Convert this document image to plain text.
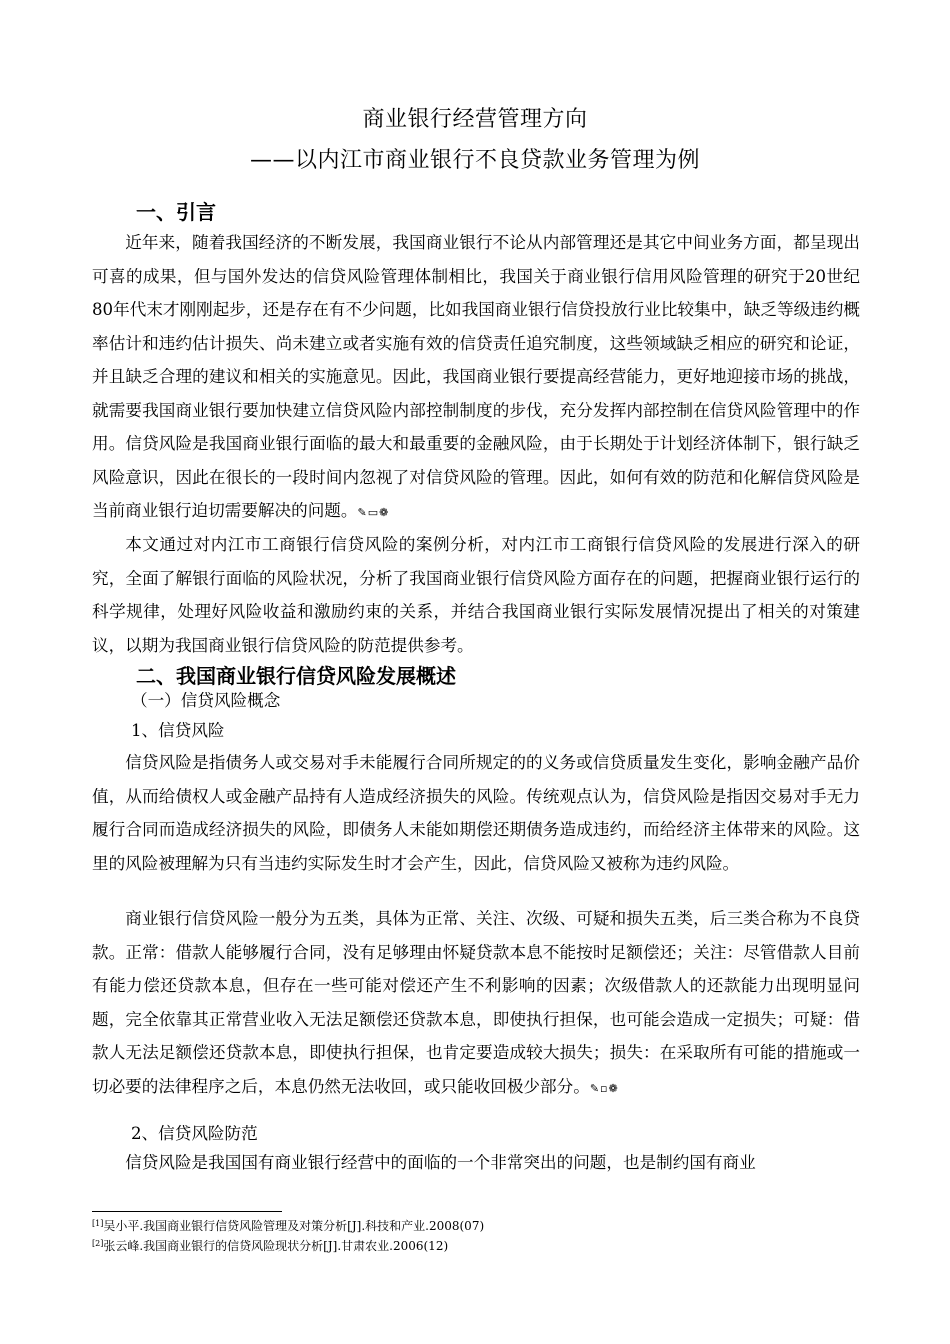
商业银行经营管理方向
——以内江市商业银行不良贷款业务管理为例
一、引言

近年来，随着我国经济的不断发展，我国商业银行不论从内部管理还是其它中间业务方面，都呈现出可喜的成果，但与国外发达的信贷风险管理体制相比，我国关于商业银行信用风险管理的研究于20世纪80年代末才刚刚起步，还是存在有不少问题，比如我国商业银行信贷投放行业比较集中，缺乏等级违约概率估计和违约估计损失、尚未建立或者实施有效的信贷责任追究制度，这些领域缺乏相应的研究和论证，并且缺乏合理的建议和相关的实施意见。因此，我国商业银行要提高经营能力，更好地迎接市场的挑战，就需要我国商业银行要加快建立信贷风险内部控制制度的步伐，充分发挥内部控制在信贷风险管理中的作用。信贷风险是我国商业银行面临的最大和最重要的金融风险，由于长期处于计划经济体制下，银行缺乏风险意识，因此在很长的一段时间内忽视了对信贷风险的管理。因此，如何有效的防范和化解信贷风险是当前商业银行迫切需要解决的问题。✎▭❁

本文通过对内江市工商银行信贷风险的案例分析，对内江市工商银行信贷风险的发展进行深入的研究，全面了解银行面临的风险状况，分析了我国商业银行信贷风险方面存在的问题，把握商业银行运行的科学规律，处理好风险收益和激励约束的关系，并结合我国商业银行实际发展情况提出了相关的对策建议，以期为我国商业银行信贷风险的防范提供参考。

二、我国商业银行信贷风险发展概述
（一）信贷风险概念
1、信贷风险

信贷风险是指债务人或交易对手未能履行合同所规定的的义务或信贷质量发生变化，影响金融产品价值，从而给债权人或金融产品持有人造成经济损失的风险。传统观点认为，信贷风险是指因交易对手无力履行合同而造成经济损失的风险，即债务人未能如期偿还期债务造成违约，而给经济主体带来的风险。这里的风险被理解为只有当违约实际发生时才会产生，因此，信贷风险又被称为违约风险。

商业银行信贷风险一般分为五类，具体为正常、关注、次级、可疑和损失五类，后三类合称为不良贷款。正常：借款人能够履行合同，没有足够理由怀疑贷款本息不能按时足额偿还；关注：尽管借款人目前有能力偿还贷款本息，但存在一些可能对偿还产生不利影响的因素；次级借款人的还款能力出现明显问题，完全依靠其正常营业收入无法足额偿还贷款本息，即使执行担保，也可能会造成一定损失；可疑：借款人无法足额偿还贷款本息，即使执行担保，也肯定要造成较大损失；损失：在采取所有可能的措施或一切必要的法律程序之后，本息仍然无法收回，或只能收回极少部分。✎▫❁

2、信贷风险防范

信贷风险是我国国有商业银行经营中的面临的一个非常突出的问题，也是制约国有商业

[1]吴小平.我国商业银行信贷风险管理及对策分析[J].科技和产业.2008(07)
[2]张云峰.我国商业银行的信贷风险现状分析[J].甘肃农业.2006(12)
